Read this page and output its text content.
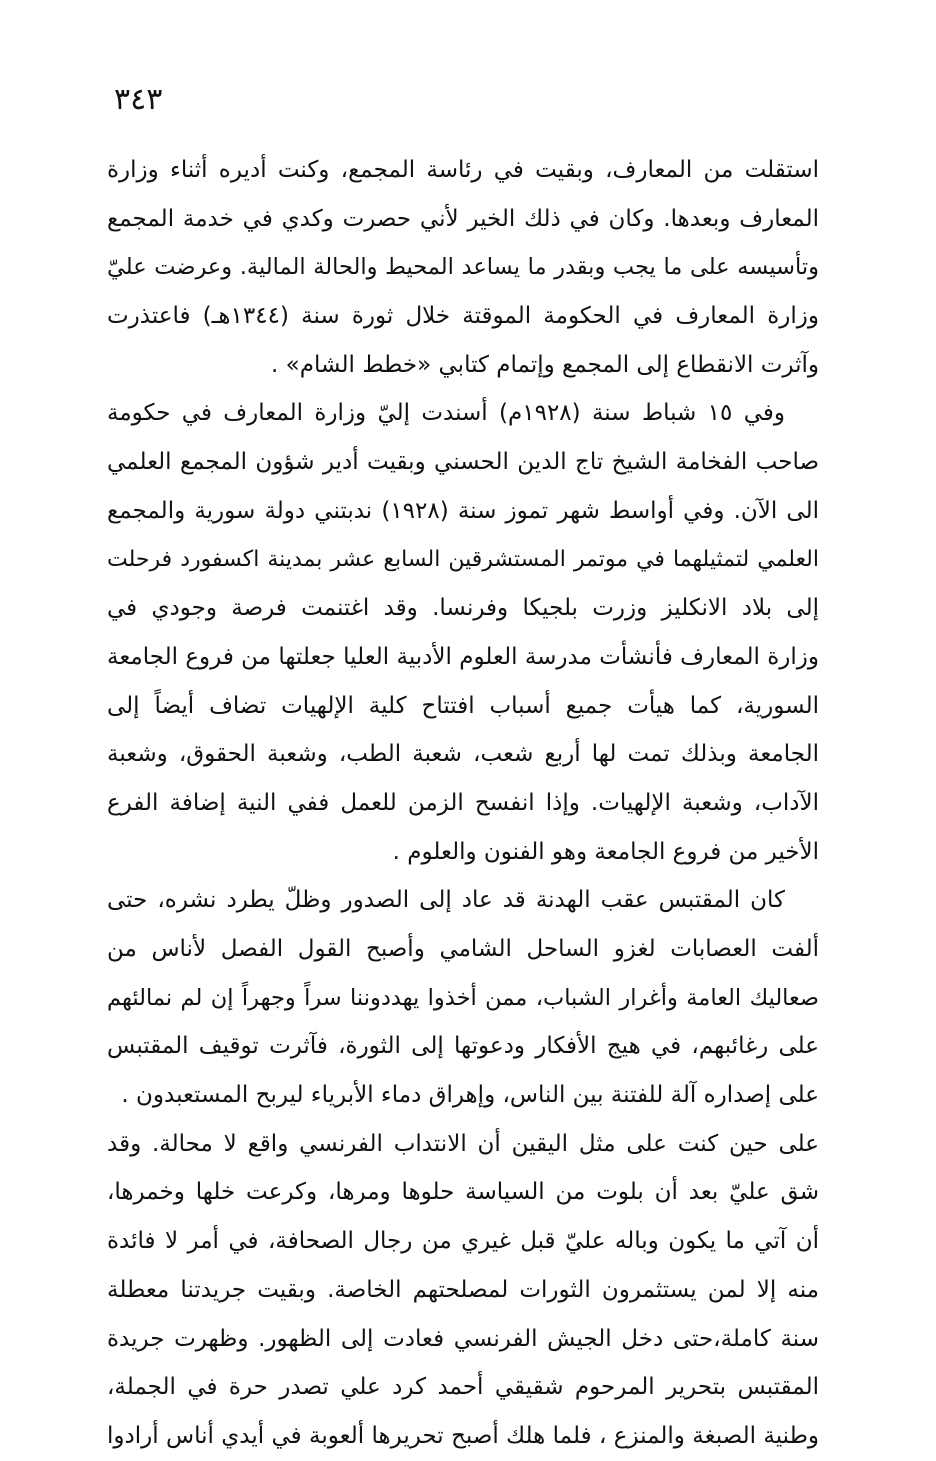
٣٤٣
استقلت من المعارف، وبقيت في رئاسة المجمع، وكنت أديره أثناء وزارة
المعارف وبعدها. وكان في ذلك الخير لأني حصرت وكدي في خدمة المجمع
وتأسيسه على ما يجب وبقدر ما يساعد المحيط والحالة المالية. وعرضت عليّ
وزارة المعارف في الحكومة الموقتة خلال ثورة سنة (١٣٤٤هـ) فاعتذرت
وآثرت الانقطاع إلى المجمع وإتمام كتابي «خطط الشام» .
وفي ١٥ شباط سنة (١٩٢٨م) أسندت إليّ وزارة المعارف في حكومة
صاحب الفخامة الشيخ تاج الدين الحسني وبقيت أدير شؤون المجمع العلمي
الى الآن. وفي أواسط شهر تموز سنة (١٩٢٨) ندبتني دولة سورية والمجمع
العلمي لتمثيلهما في موتمر المستشرقين السابع عشر بمدينة اكسفورد فرحلت
إلى بلاد الانكليز وزرت بلجيكا وفرنسا. وقد اغتنمت فرصة وجودي في
وزارة المعارف فأنشأت مدرسة العلوم الأدبية العليا جعلتها من فروع الجامعة
السورية، كما هيأت جميع أسباب افتتاح كلية الإلهيات تضاف أيضاً إلى
الجامعة وبذلك تمت لها أربع شعب، شعبة الطب، وشعبة الحقوق، وشعبة
الآداب، وشعبة الإلهيات. وإذا انفسح الزمن للعمل ففي النية إضافة الفرع
الأخير من فروع الجامعة وهو الفنون والعلوم .
كان المقتبس عقب الهدنة قد عاد إلى الصدور وظلّ يطرد نشره، حتى
ألفت العصابات لغزو الساحل الشامي وأصبح القول الفصل لأناس من
صعاليك العامة وأغرار الشباب، ممن أخذوا يهددوننا سراً وجهراً إن لم نمالئهم
على رغائبهم، في هيج الأفكار ودعوتها إلى الثورة، فآثرت توقيف المقتبس
على إصداره آلة للفتنة بين الناس، وإهراق دماء الأبرياء ليربح المستعبدون .
على حين كنت على مثل اليقين أن الانتداب الفرنسي واقع لا محالة. وقد
شق عليّ بعد أن بلوت من السياسة حلوها ومرها، وكرعت خلها وخمرها،
أن آتي ما يكون وباله عليّ قبل غيري من رجال الصحافة، في أمر لا فائدة
منه إلا لمن يستثمرون الثورات لمصلحتهم الخاصة. وبقيت جريدتنا معطلة
سنة كاملة،حتى دخل الجيش الفرنسي فعادت إلى الظهور. وظهرت جريدة
المقتبس بتحرير المرحوم شقيقي أحمد كرد علي تصدر حرة في الجملة،
وطنية الصبغة والمنزع ، فلما هلك أصبح تحريرها ألعوبة في أيدي أناس أرادوا
